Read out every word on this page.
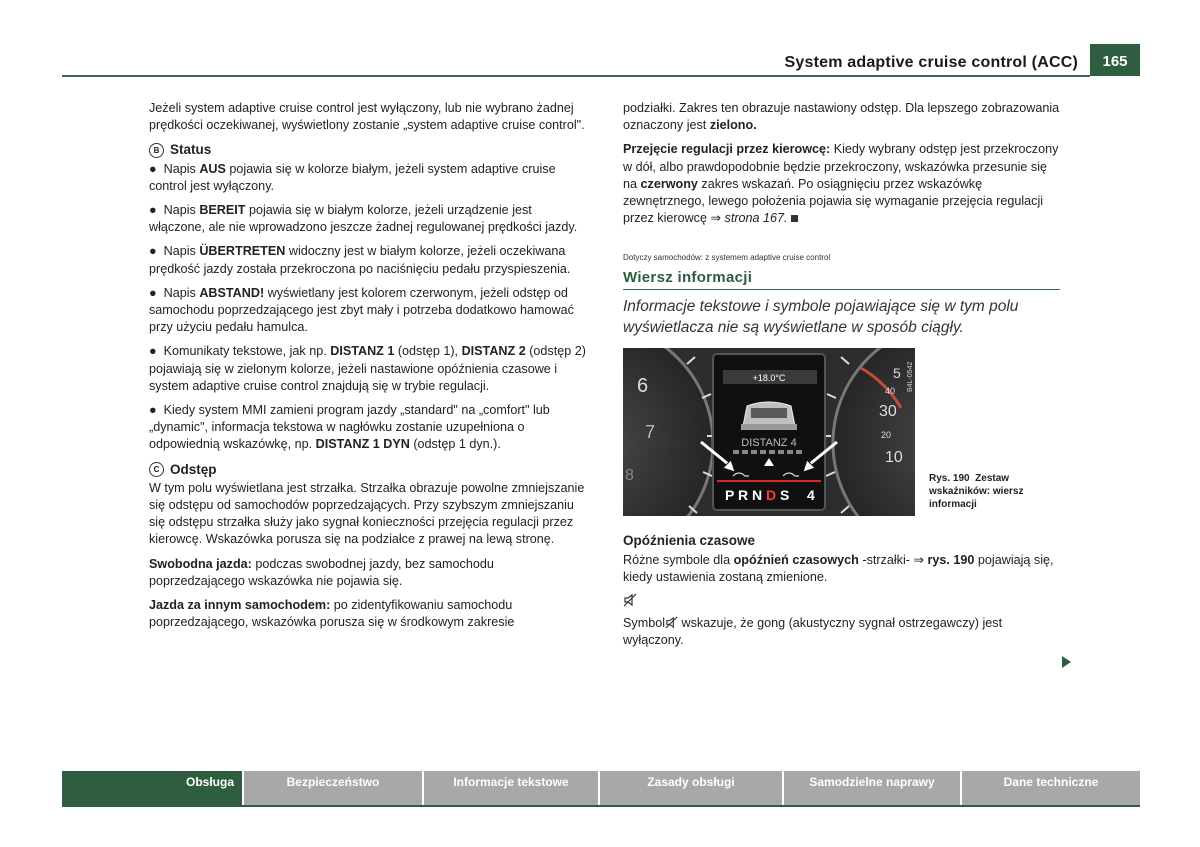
System adaptive cruise control (ACC)	165

Jeżeli system adaptive cruise control jest wyłączony, lub nie wybrano żadnej prędkości oczekiwanej, wyświetlony zostanie „system adaptive cruise control".

B Status

●  Napis AUS pojawia się w kolorze białym, jeżeli system adaptive cruise control jest wyłączony.

●  Napis BEREIT pojawia się w białym kolorze, jeżeli urządzenie jest włączone, ale nie wprowadzono jeszcze żadnej regulowanej prędkości jazdy.

●  Napis ÜBERTRETEN widoczny jest w białym kolorze, jeżeli oczekiwana prędkość jazdy została przekroczona po naciśnięciu pedału przyspieszenia.

●  Napis ABSTAND! wyświetlany jest kolorem czerwonym, jeżeli odstęp od samochodu poprzedzającego jest zbyt mały i potrzeba dodatkowo hamować przy użyciu pedału hamulca.

●  Komunikaty tekstowe, jak np. DISTANZ 1 (odstęp 1), DISTANZ 2 (odstęp 2) pojawiają się w zielonym kolorze, jeżeli nastawione opóźnienia czasowe i system adaptive cruise control znajdują się w trybie regulacji.

●  Kiedy system MMI zamieni program jazdy „standard" na „comfort" lub „dynamic", informacja tekstowa w nagłówku zostanie uzupełniona o odpowiednią wskazówkę, np. DISTANZ 1 DYN (odstęp 1 dyn.).

C Odstęp

W tym polu wyświetlana jest strzałka. Strzałka obrazuje powolne zmniejszanie się odstępu od samochodów poprzedzających. Przy szybszym zmniejszaniu się odstępu strzałka służy jako sygnał konieczności przejęcia regulacji przez kierowcę. Wskazówka porusza się na podziałce z prawej na lewą stronę.

Swobodna jazda: podczas swobodnej jazdy, bez samochodu poprzedzającego wskazówka nie pojawia się.

Jazda za innym samochodem: po zidentyfikowaniu samochodu poprzedzającego, wskazówka porusza się w środkowym zakresie

podziałki. Zakres ten obrazuje nastawiony odstęp. Dla lepszego zobrazowania oznaczony jest zielono.

Przejęcie regulacji przez kierowcę: Kiedy wybrany odstęp jest przekroczony w dół, albo prawdopodobnie będzie przekroczony, wskazówka przesunie się na czerwony zakres wskazań. Po osiągnięciu przez wskazówkę zewnętrznego, lewego położenia pojawia się wymaganie przejęcia regulacji przez kierowcę ⇒ strona 167.

Dotyczy samochodów: z systemem adaptive cruise control
Wiersz informacji
Informacje tekstowe i symbole pojawiające się w tym polu wyświetlacza nie są wyświetlane w sposób ciągły.
6
7
8
5
40
30
20
10
B4L-0542
+18.0°C
DISTANZ 4
P R N D S 4
Rys. 190 Zestaw wskaźników: wiersz informacji
Opóźnienia czasowe

Różne symbole dla opóźnień czasowych -strzałki- ⇒ rys. 190 pojawiają się, kiedy ustawienia zostaną zmienione.

Symbol wskazuje, że gong (akustyczny sygnał ostrzegawczy) jest wyłączony.

Obsługa	Bezpieczeństwo	Informacje tekstowe	Zasady obsługi	Samodzielne naprawy	Dane techniczne
